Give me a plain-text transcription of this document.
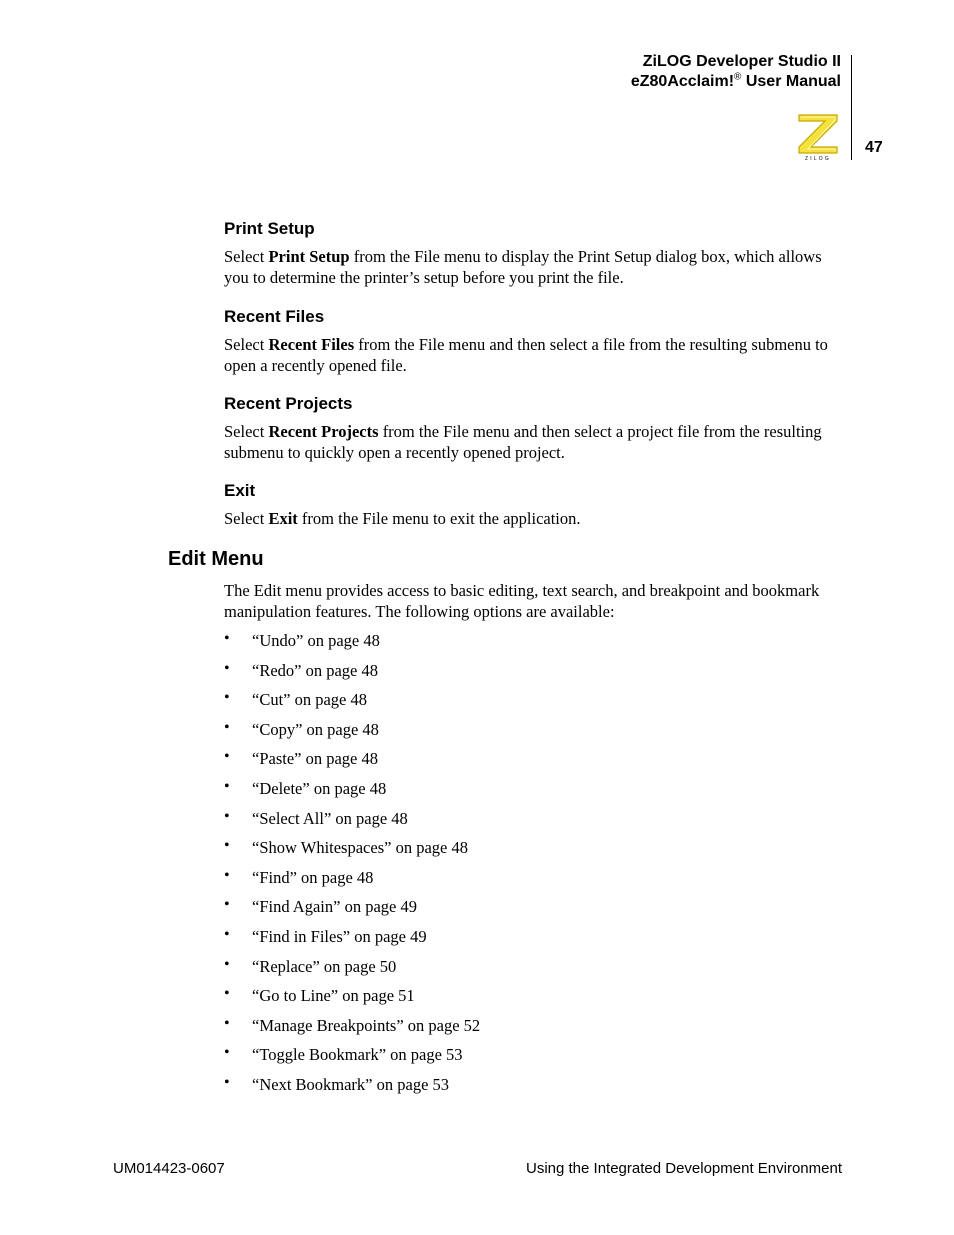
ZiLOG Developer Studio II
eZ80Acclaim!® User Manual
47
ZILOG
Print Setup

Select Print Setup from the File menu to display the Print Setup dialog box, which allows you to determine the printer’s setup before you print the file.

Recent Files

Select Recent Files from the File menu and then select a file from the resulting submenu to open a recently opened file.

Recent Projects

Select Recent Projects from the File menu and then select a project file from the resulting submenu to quickly open a recently opened project.

Exit

Select Exit from the File menu to exit the application.

Edit Menu

The Edit menu provides access to basic editing, text search, and breakpoint and bookmark manipulation features. The following options are available:

• “Undo” on page 48
• “Redo” on page 48
• “Cut” on page 48
• “Copy” on page 48
• “Paste” on page 48
• “Delete” on page 48
• “Select All” on page 48
• “Show Whitespaces” on page 48
• “Find” on page 48
• “Find Again” on page 49
• “Find in Files” on page 49
• “Replace” on page 50
• “Go to Line” on page 51
• “Manage Breakpoints” on page 52
• “Toggle Bookmark” on page 53
• “Next Bookmark” on page 53
UM014423-0607	Using the Integrated Development Environment
